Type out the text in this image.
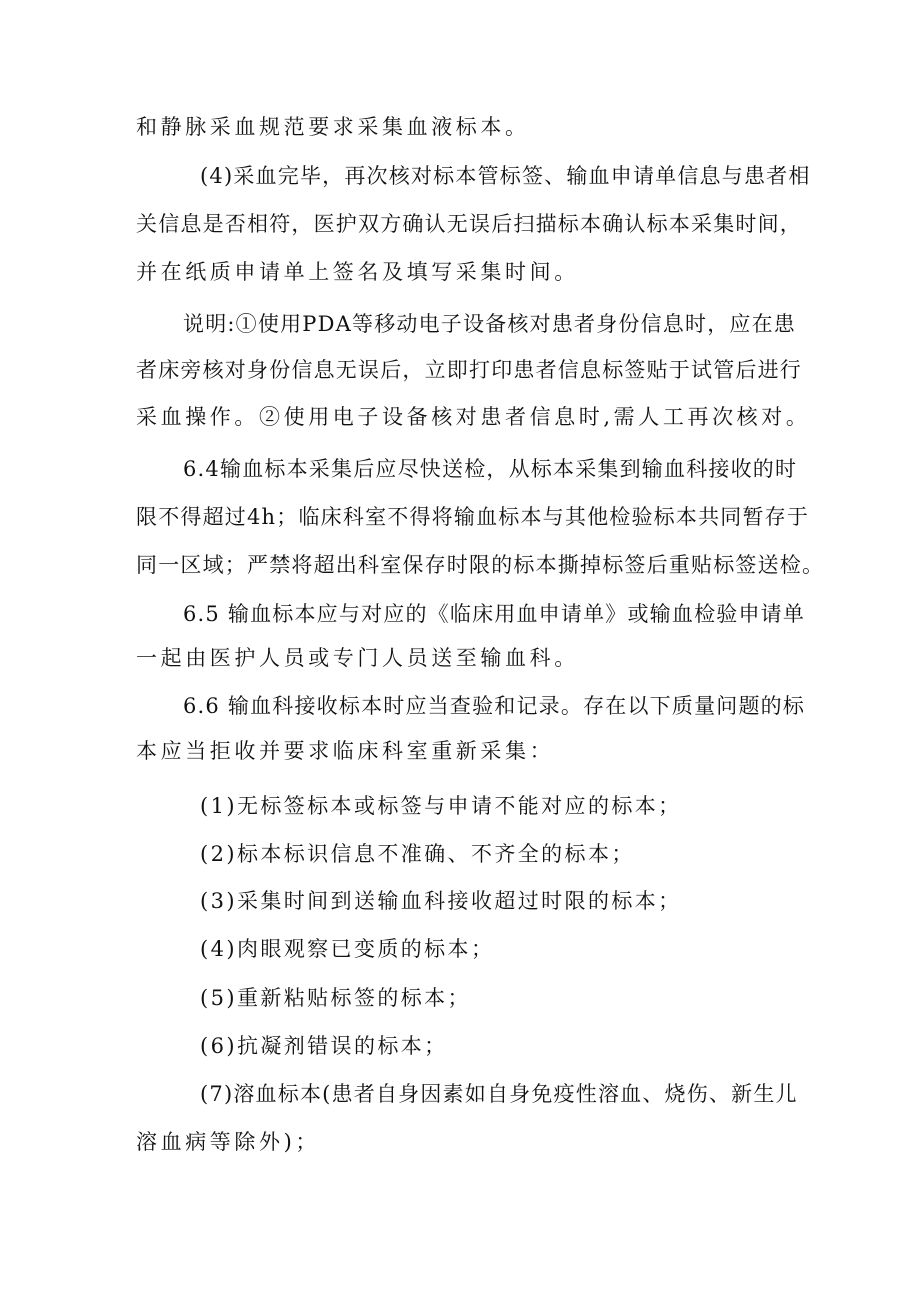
和静脉采血规范要求采集血液标本。
(4)采血完毕，再次核对标本管标签、输血申请单信息与患者相
关信息是否相符，医护双方确认无误后扫描标本确认标本采集时间，
并在纸质申请单上签名及填写采集时间。
说明:①使用PDA等移动电子设备核对患者身份信息时，应在患
者床旁核对身份信息无误后，立即打印患者信息标签贴于试管后进行
采血操作。②使用电子设备核对患者信息时,需人工再次核对。
6.4输血标本采集后应尽快送检，从标本采集到输血科接收的时
限不得超过4h；临床科室不得将输血标本与其他检验标本共同暂存于
同一区域；严禁将超出科室保存时限的标本撕掉标签后重贴标签送检。
6.5 输血标本应与对应的《临床用血申请单》或输血检验申请单
一起由医护人员或专门人员送至输血科。
6.6 输血科接收标本时应当查验和记录。存在以下质量问题的标
本应当拒收并要求临床科室重新采集：
(1)无标签标本或标签与申请不能对应的标本；
(2)标本标识信息不准确、不齐全的标本；
(3)采集时间到送输血科接收超过时限的标本；
(4)肉眼观察已变质的标本；
(5)重新粘贴标签的标本；
(6)抗凝剂错误的标本；
(7)溶血标本(患者自身因素如自身免疫性溶血、烧伤、新生儿
溶血病等除外)；
